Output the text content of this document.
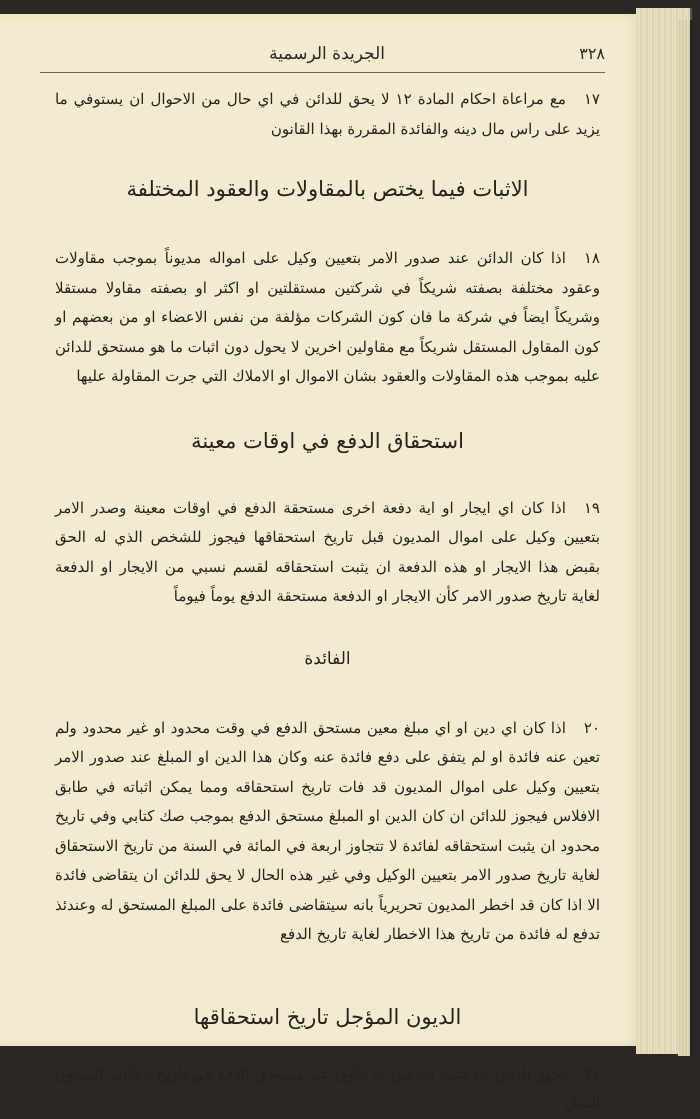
٣٢٨
الجريدة الرسمية

١٧مع مراعاة احكام المادة ١٢ لا يحق للدائن في اي حال من الاحوال ان يستوفي ما يزيد على راس مال دينه والفائدة المقررة بهذا القانون

الاثبات فيما يختص بالمقاولات والعقود المختلفة

١٨اذا كان الدائن عند صدور الامر بتعيين وكيل على امواله مديوناً بموجب مقاولات وعقود مختلفة بصفته شريكاً في شركتين مستقلتين او اكثر او بصفته مقاولا مستقلا وشريكاً ايضاً في شركة ما فان كون الشركات مؤلفة من نفس الاعضاء او من بعضهم او كون المقاول المستقل شريكاً مع مقاولين اخرين لا يحول دون اثبات ما هو مستحق للدائن عليه بموجب هذه المقاولات والعقود بشان الاموال او الاملاك التي جرت المقاولة عليها

استحقاق الدفع في اوقات معينة

١٩اذا كان اي ايجار او اية دفعة اخرى مستحقة الدفع في اوقات معينة وصدر الامر بتعيين وكيل على اموال المديون قبل تاريخ استحقاقها فيجوز للشخص الذي له الحق بقبض هذا الايجار او هذه الدفعة ان يثبت استحقاقه لقسم نسبي من الايجار او الدفعة لغاية تاريخ صدور الامر كأن الايجار او الدفعة مستحقة الدفع يوماً فيوماً

الفائدة

٢٠اذا كان اي دين او اي مبلغ معين مستحق الدفع في وقت محدود او غير محدود ولم تعين عنه فائدة او لم يتفق على دفع فائدة عنه وكان هذا الدين او المبلغ عند صدور الامر بتعيين وكيل على اموال المديون قد فات تاريخ استحقاقه ومما يمكن اثباته في طابق الافلاس فيجوز للدائن ان كان الدين او المبلغ مستحق الدفع بموجب صك كتابي وفي تاريخ محدود ان يثبت استحقاقه لفائدة لا تتجاوز اربعة في المائة في السنة من تاريخ الاستحقاق لغاية تاريخ صدور الامر بتعيين الوكيل وفي غير هذه الحال لا يحق للدائن ان يتقاضى فائدة الا اذا كان قد اخطر المديون تحريرياً بانه سيتقاضى فائدة على المبلغ المستحق له وعندئذ تدفع له فائدة من تاريخ هذا الاخطار لغاية تاريخ الدفع

الديون المؤجل تاريخ استحقاقها

٢١يجوز للدائن ان يثبت اي دين له يكون غير مستحق الدفع في تاريخ ارتكاب المديون الفعل
